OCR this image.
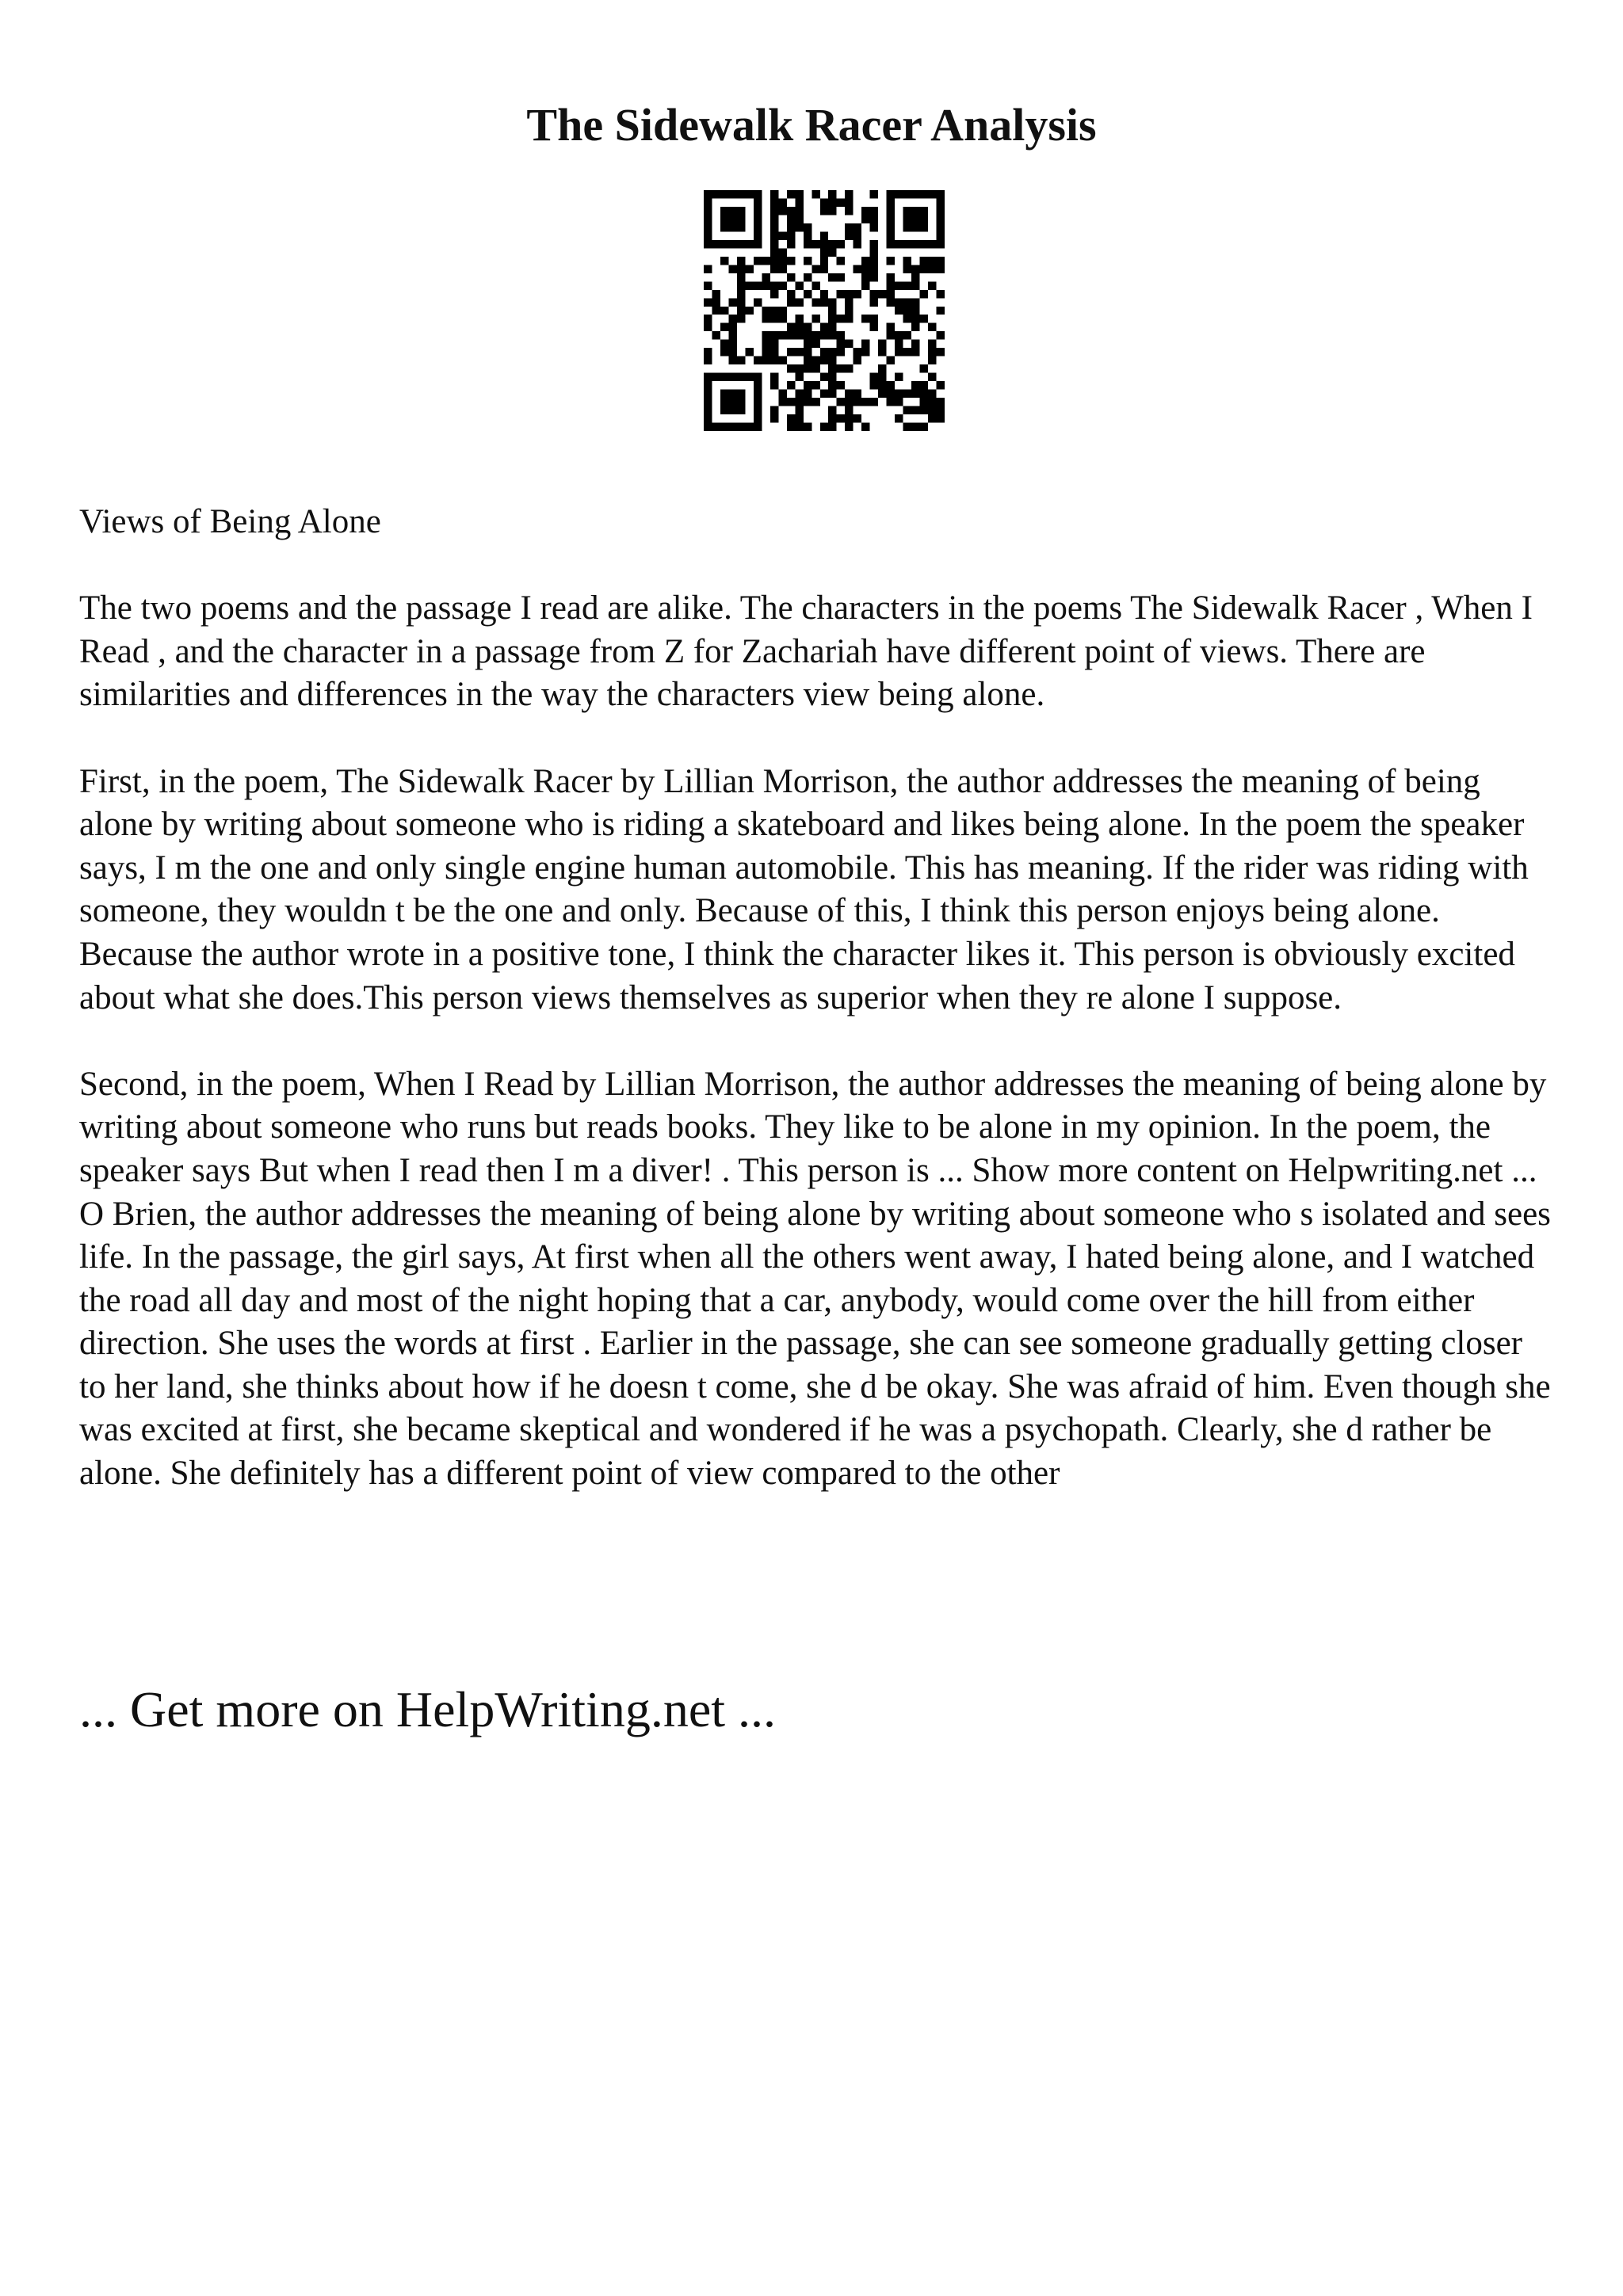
The Sidewalk Racer Analysis

Views of Being Alone

The two poems and the passage I read are alike. The characters in the poems The Sidewalk Racer , When I Read , and the character in a passage from Z for Zachariah have different point of views. There are similarities and differences in the way the characters view being alone.

First, in the poem, The Sidewalk Racer by Lillian Morrison, the author addresses the meaning of being alone by writing about someone who is riding a skateboard and likes being alone. In the poem the speaker says, I m the one and only single engine human automobile. This has meaning. If the rider was riding with someone, they wouldn t be the one and only. Because of this, I think this person enjoys being alone. Because the author wrote in a positive tone, I think the character likes it. This person is obviously excited about what she does.This person views themselves as superior when they re alone I suppose.

Second, in the poem, When I Read by Lillian Morrison, the author addresses the meaning of being alone by writing about someone who runs but reads books. They like to be alone in my opinion. In the poem, the speaker says But when I read then I m a diver! . This person is ... Show more content on Helpwriting.net ...

O Brien, the author addresses the meaning of being alone by writing about someone who s isolated and sees life. In the passage, the girl says, At first when all the others went away, I hated being alone, and I watched the road all day and most of the night hoping that a car, anybody, would come over the hill from either direction. She uses the words at first . Earlier in the passage, she can see someone gradually getting closer to her land, she thinks about how if he doesn t come, she d be okay. She was afraid of him. Even though she was excited at first, she became skeptical and wondered if he was a psychopath. Clearly, she d rather be alone. She definitely has a different point of view compared to the other

... Get more on HelpWriting.net ...
